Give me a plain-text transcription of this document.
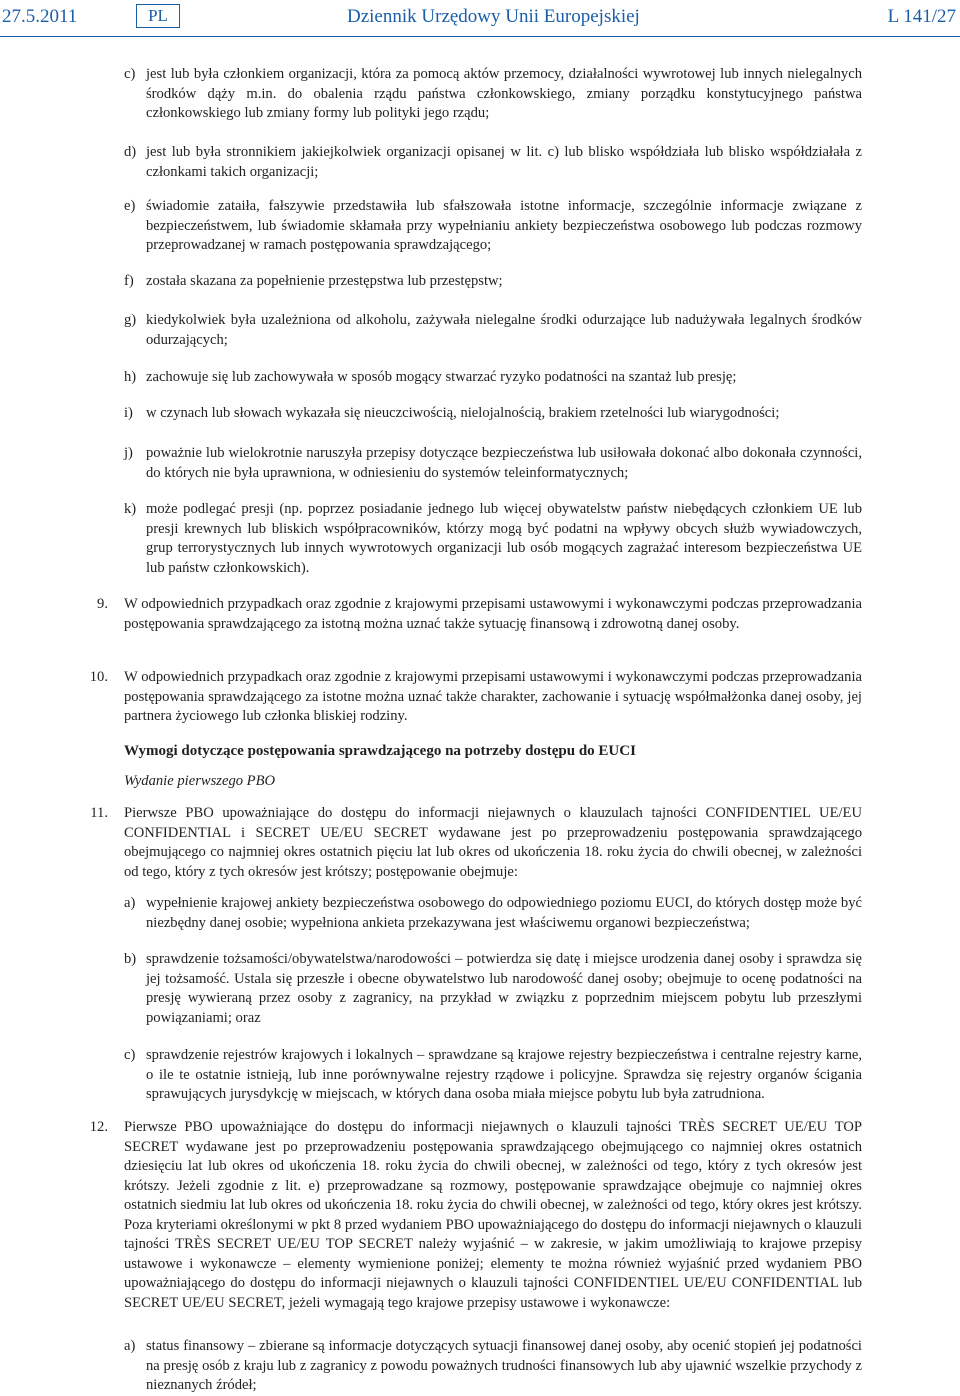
27.5.2011	PL	Dziennik Urzędowy Unii Europejskiej	L 141/27
c) jest lub była członkiem organizacji, która za pomocą aktów przemocy, działalności wywrotowej lub innych nielegalnych środków dąży m.in. do obalenia rządu państwa członkowskiego, zmiany porządku konstytucyjnego państwa członkowskiego lub zmiany formy lub polityki jego rządu;
d) jest lub była stronnikiem jakiejkolwiek organizacji opisanej w lit. c) lub blisko współdziała lub blisko współdziałała z członkami takich organizacji;
e) świadomie zataiła, fałszywie przedstawiła lub sfałszowała istotne informacje, szczególnie informacje związane z bezpieczeństwem, lub świadomie skłamała przy wypełnianiu ankiety bezpieczeństwa osobowego lub podczas rozmowy przeprowadzanej w ramach postępowania sprawdzającego;
f) została skazana za popełnienie przestępstwa lub przestępstw;
g) kiedykolwiek była uzależniona od alkoholu, zażywała nielegalne środki odurzające lub nadużywała legalnych środków odurzających;
h) zachowuje się lub zachowywała w sposób mogący stwarzać ryzyko podatności na szantaż lub presję;
i) w czynach lub słowach wykazała się nieuczciwością, nielojalnością, brakiem rzetelności lub wiarygodności;
j) poważnie lub wielokrotnie naruszyła przepisy dotyczące bezpieczeństwa lub usiłowała dokonać albo dokonała czynności, do których nie była uprawniona, w odniesieniu do systemów teleinformatycznych;
k) może podlegać presji (np. poprzez posiadanie jednego lub więcej obywatelstw państw niebędących członkiem UE lub presji krewnych lub bliskich współpracowników, którzy mogą być podatni na wpływy obcych służb wywiadowczych, grup terrorystycznych lub innych wywrotowych organizacji lub osób mogących zagrażać interesom bezpieczeństwa UE lub państw członkowskich).
9. W odpowiednich przypadkach oraz zgodnie z krajowymi przepisami ustawowymi i wykonawczymi podczas przeprowadzania postępowania sprawdzającego za istotną można uznać także sytuację finansową i zdrowotną danej osoby.
10. W odpowiednich przypadkach oraz zgodnie z krajowymi przepisami ustawowymi i wykonawczymi podczas przeprowadzania postępowania sprawdzającego za istotne można uznać także charakter, zachowanie i sytuację współmałżonka danej osoby, jej partnera życiowego lub członka bliskiej rodziny.
Wymogi dotyczące postępowania sprawdzającego na potrzeby dostępu do EUCI
Wydanie pierwszego PBO
11. Pierwsze PBO upoważniające do dostępu do informacji niejawnych o klauzulach tajności CONFIDENTIEL UE/EU CONFIDENTIAL i SECRET UE/EU SECRET wydawane jest po przeprowadzeniu postępowania sprawdzającego obejmującego co najmniej okres ostatnich pięciu lat lub okres od ukończenia 18. roku życia do chwili obecnej, w zależności od tego, który z tych okresów jest krótszy; postępowanie obejmuje:
a) wypełnienie krajowej ankiety bezpieczeństwa osobowego do odpowiedniego poziomu EUCI, do których dostęp może być niezbędny danej osobie; wypełniona ankieta przekazywana jest właściwemu organowi bezpieczeństwa;
b) sprawdzenie tożsamości/obywatelstwa/narodowości – potwierdza się datę i miejsce urodzenia danej osoby i sprawdza się jej tożsamość. Ustala się przeszłe i obecne obywatelstwo lub narodowość danej osoby; obejmuje to ocenę podatności na presję wywieraną przez osoby z zagranicy, na przykład w związku z poprzednim miejscem pobytu lub przeszłymi powiązaniami; oraz
c) sprawdzenie rejestrów krajowych i lokalnych – sprawdzane są krajowe rejestry bezpieczeństwa i centralne rejestry karne, o ile te ostatnie istnieją, lub inne porównywalne rejestry rządowe i policyjne. Sprawdza się rejestry organów ścigania sprawujących jurysdykcję w miejscach, w których dana osoba miała miejsce pobytu lub była zatrudniona.
12. Pierwsze PBO upoważniające do dostępu do informacji niejawnych o klauzuli tajności TRÈS SECRET UE/EU TOP SECRET wydawane jest po przeprowadzeniu postępowania sprawdzającego obejmującego co najmniej okres ostatnich dziesięciu lat lub okres od ukończenia 18. roku życia do chwili obecnej, w zależności od tego, który z tych okresów jest krótszy. Jeżeli zgodnie z lit. e) przeprowadzane są rozmowy, postępowanie sprawdzające obejmuje co najmniej okres ostatnich siedmiu lat lub okres od ukończenia 18. roku życia do chwili obecnej, w zależności od tego, który okres jest krótszy. Poza kryteriami określonymi w pkt 8 przed wydaniem PBO upoważniającego do dostępu do informacji niejawnych o klauzuli tajności TRÈS SECRET UE/EU TOP SECRET należy wyjaśnić – w zakresie, w jakim umożliwiają to krajowe przepisy ustawowe i wykonawcze – elementy wymienione poniżej; elementy te można również wyjaśnić przed wydaniem PBO upoważniającego do dostępu do informacji niejawnych o klauzuli tajności CONFIDENTIEL UE/EU CONFIDENTIAL lub SECRET UE/EU SECRET, jeżeli wymagają tego krajowe przepisy ustawowe i wykonawcze:
a) status finansowy – zbierane są informacje dotyczących sytuacji finansowej danej osoby, aby ocenić stopień jej podatności na presję osób z kraju lub z zagranicy z powodu poważnych trudności finansowych lub aby ujawnić wszelkie przychody z nieznanych źródeł;
